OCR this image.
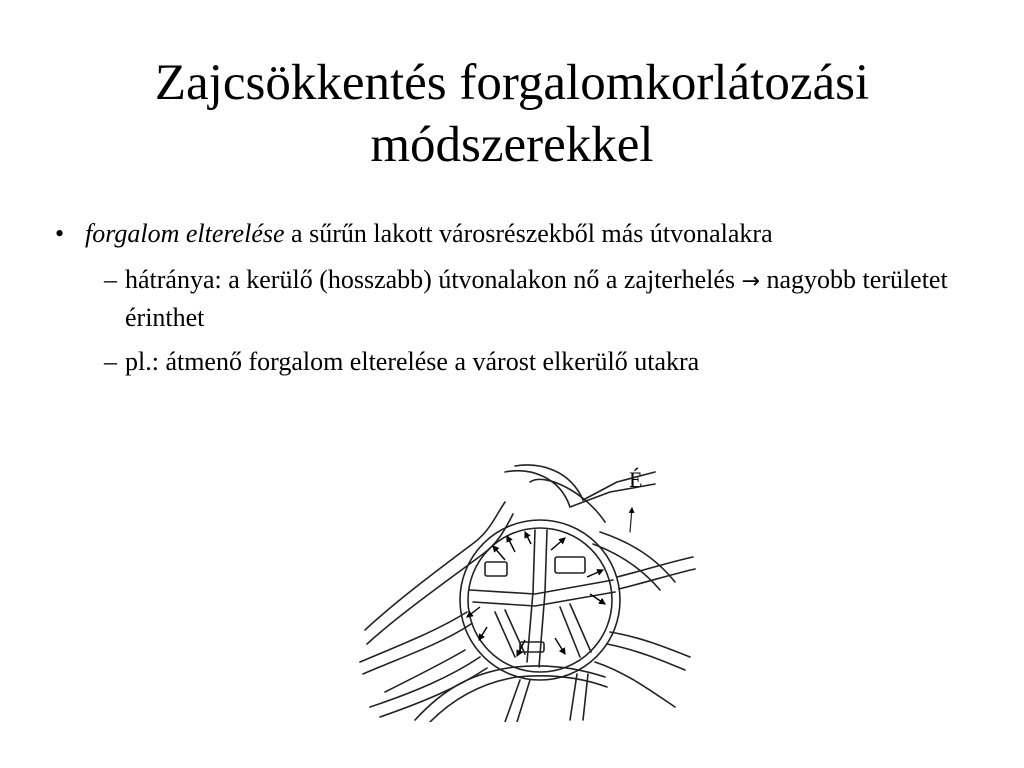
Zajcsökkentés forgalomkorlátozási
módszerekkel
• forgalom elterelése a sűrűn lakott városrészekből más útvonalakra
– hátránya: a kerülő (hosszabb) útvonalakon nő a zajterhelés → nagyobb területet érinthet
– pl.: átmenő forgalom elterelése a várost elkerülő utakra
É
